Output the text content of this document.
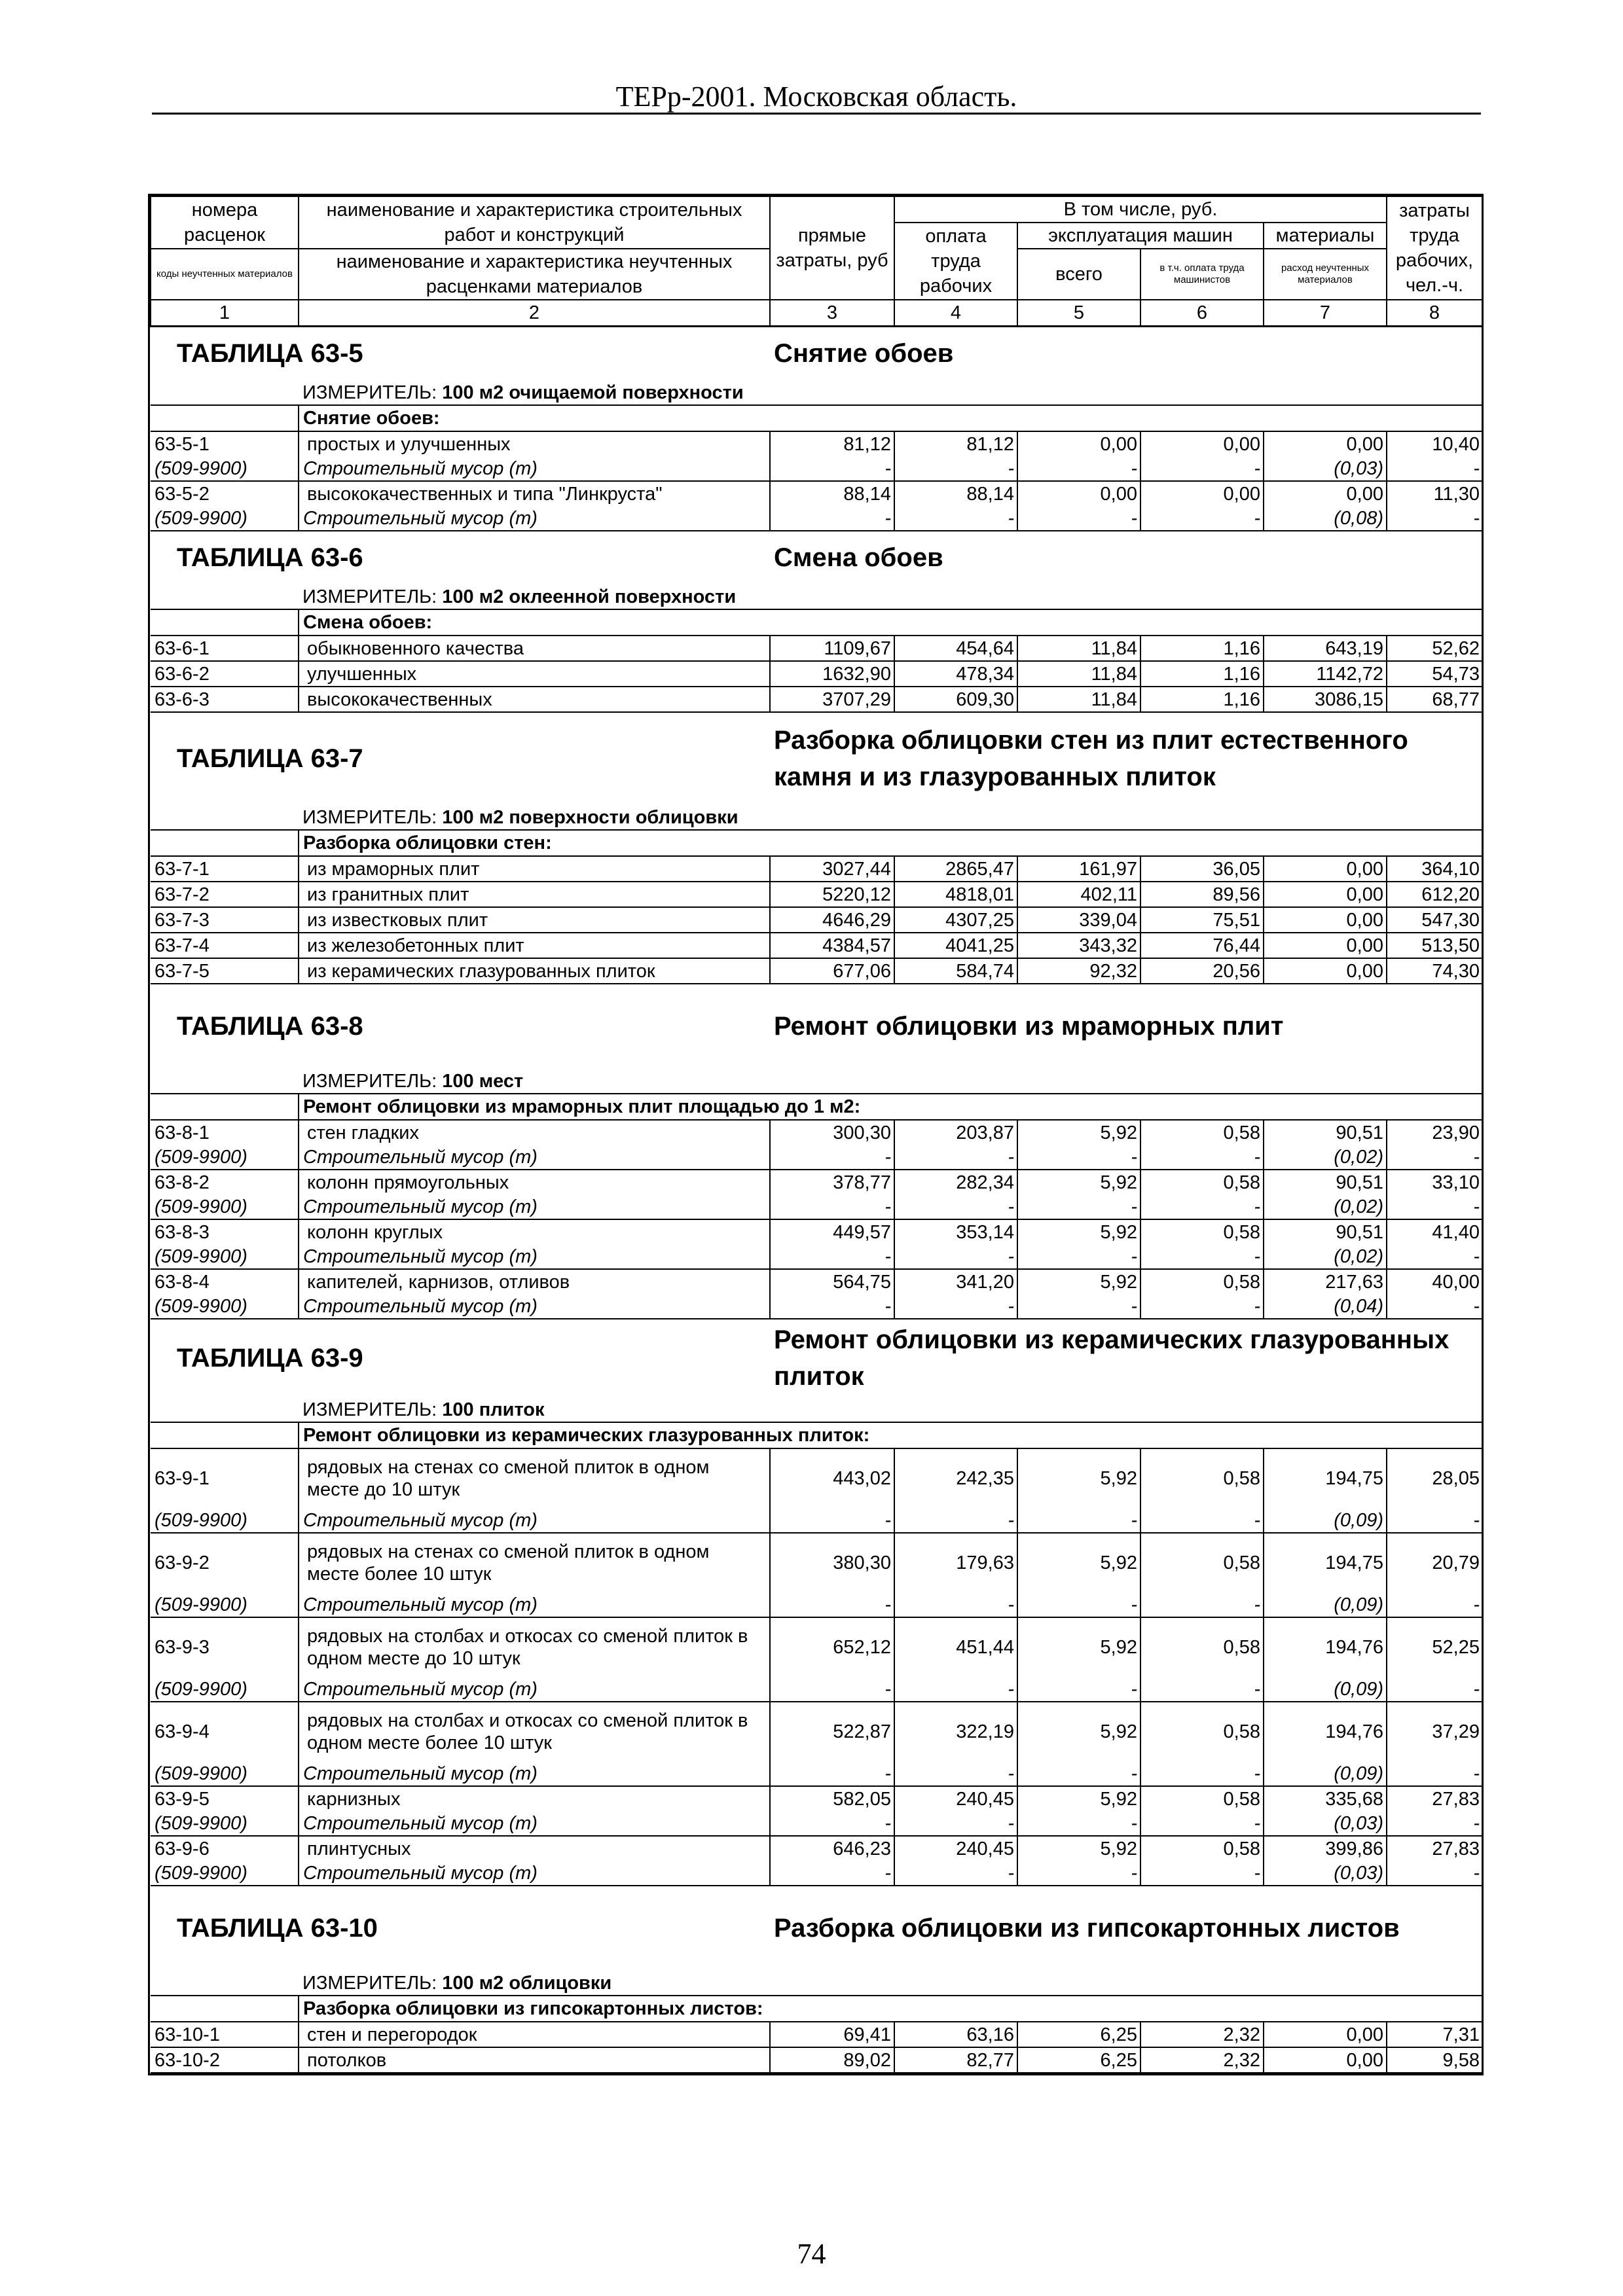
ТЕРр-2001. Московская область.
номера расценок	наименование и характеристика строительных работ и конструкций	прямые затраты, руб	В том числе, руб.				затраты труда рабочих, чел.-ч.
			оплата труда рабочих	эксплуатация машин		материалы	
коды неучтенных материалов	наименование и характеристика неучтенных расценками материалов			всего	в т.ч. оплата труда машинистов	расход неучтенных материалов	

1	2	3	4	5	6	7	8
ТАБЛИЦА 63-5		Снятие обоев					
	ИЗМЕРИТЕЛЬ: 100 м2 очищаемой поверхности						
	Снятие обоев:						
63-5-1	простых и улучшенных	81,12	81,12	0,00	0,00	0,00	10,40
(509-9900)	Строительный мусор (т)	-	-	-	-	(0,03)	-
63-5-2	высококачественных и типа "Линкруста"	88,14	88,14	0,00	0,00	0,00	11,30
(509-9900)	Строительный мусор (т)	-	-	-	-	(0,08)	-
ТАБЛИЦА 63-6		Смена обоев					
	ИЗМЕРИТЕЛЬ: 100 м2 оклеенной поверхности						
	Смена обоев:						
63-6-1	обыкновенного качества	1109,67	454,64	11,84	1,16	643,19	52,62
63-6-2	улучшенных	1632,90	478,34	11,84	1,16	1142,72	54,73
63-6-3	высококачественных	3707,29	609,30	11,84	1,16	3086,15	68,77
ТАБЛИЦА 63-7		Разборка облицовки стен из плит естественного камня и из глазурованных плиток					
	ИЗМЕРИТЕЛЬ: 100 м2 поверхности облицовки						
	Разборка облицовки стен:						
63-7-1	из мраморных плит	3027,44	2865,47	161,97	36,05	0,00	364,10
63-7-2	из гранитных плит	5220,12	4818,01	402,11	89,56	0,00	612,20
63-7-3	из известковых плит	4646,29	4307,25	339,04	75,51	0,00	547,30
63-7-4	из железобетонных плит	4384,57	4041,25	343,32	76,44	0,00	513,50
63-7-5	из керамических глазурованных плиток	677,06	584,74	92,32	20,56	0,00	74,30
ТАБЛИЦА 63-8		Ремонт облицовки из мраморных плит					
	ИЗМЕРИТЕЛЬ: 100 мест						
	Ремонт облицовки из мраморных плит площадью до 1 м2:						
63-8-1	стен гладких	300,30	203,87	5,92	0,58	90,51	23,90
(509-9900)	Строительный мусор (т)	-	-	-	-	(0,02)	-
63-8-2	колонн прямоугольных	378,77	282,34	5,92	0,58	90,51	33,10
(509-9900)	Строительный мусор (т)	-	-	-	-	(0,02)	-
63-8-3	колонн круглых	449,57	353,14	5,92	0,58	90,51	41,40
(509-9900)	Строительный мусор (т)	-	-	-	-	(0,02)	-
63-8-4	капителей, карнизов, отливов	564,75	341,20	5,92	0,58	217,63	40,00
(509-9900)	Строительный мусор (т)	-	-	-	-	(0,04)	-
ТАБЛИЦА 63-9		Ремонт облицовки из керамических глазурованных плиток					
	ИЗМЕРИТЕЛЬ: 100 плиток						
	Ремонт облицовки из керамических глазурованных плиток:						
63-9-1	рядовых на стенах со сменой плиток в одном месте до 10 штук	443,02	242,35	5,92	0,58	194,75	28,05
(509-9900)	Строительный мусор (т)	-	-	-	-	(0,09)	-
63-9-2	рядовых на стенах со сменой плиток в одном месте более 10 штук	380,30	179,63	5,92	0,58	194,75	20,79
(509-9900)	Строительный мусор (т)	-	-	-	-	(0,09)	-
63-9-3	рядовых на столбах и откосах со сменой плиток в одном месте до 10 штук	652,12	451,44	5,92	0,58	194,76	52,25
(509-9900)	Строительный мусор (т)	-	-	-	-	(0,09)	-
63-9-4	рядовых на столбах и откосах со сменой плиток в одном месте более 10 штук	522,87	322,19	5,92	0,58	194,76	37,29
(509-9900)	Строительный мусор (т)	-	-	-	-	(0,09)	-
63-9-5	карнизных	582,05	240,45	5,92	0,58	335,68	27,83
(509-9900)	Строительный мусор (т)	-	-	-	-	(0,03)	-
63-9-6	плинтусных	646,23	240,45	5,92	0,58	399,86	27,83
(509-9900)	Строительный мусор (т)	-	-	-	-	(0,03)	-
ТАБЛИЦА 63-10		Разборка облицовки из гипсокартонных листов					
	ИЗМЕРИТЕЛЬ: 100 м2 облицовки						
	Разборка облицовки из гипсокартонных листов:						
63-10-1	стен и перегородок	69,41	63,16	6,25	2,32	0,00	7,31
63-10-2	потолков	89,02	82,77	6,25	2,32	0,00	9,58
74
